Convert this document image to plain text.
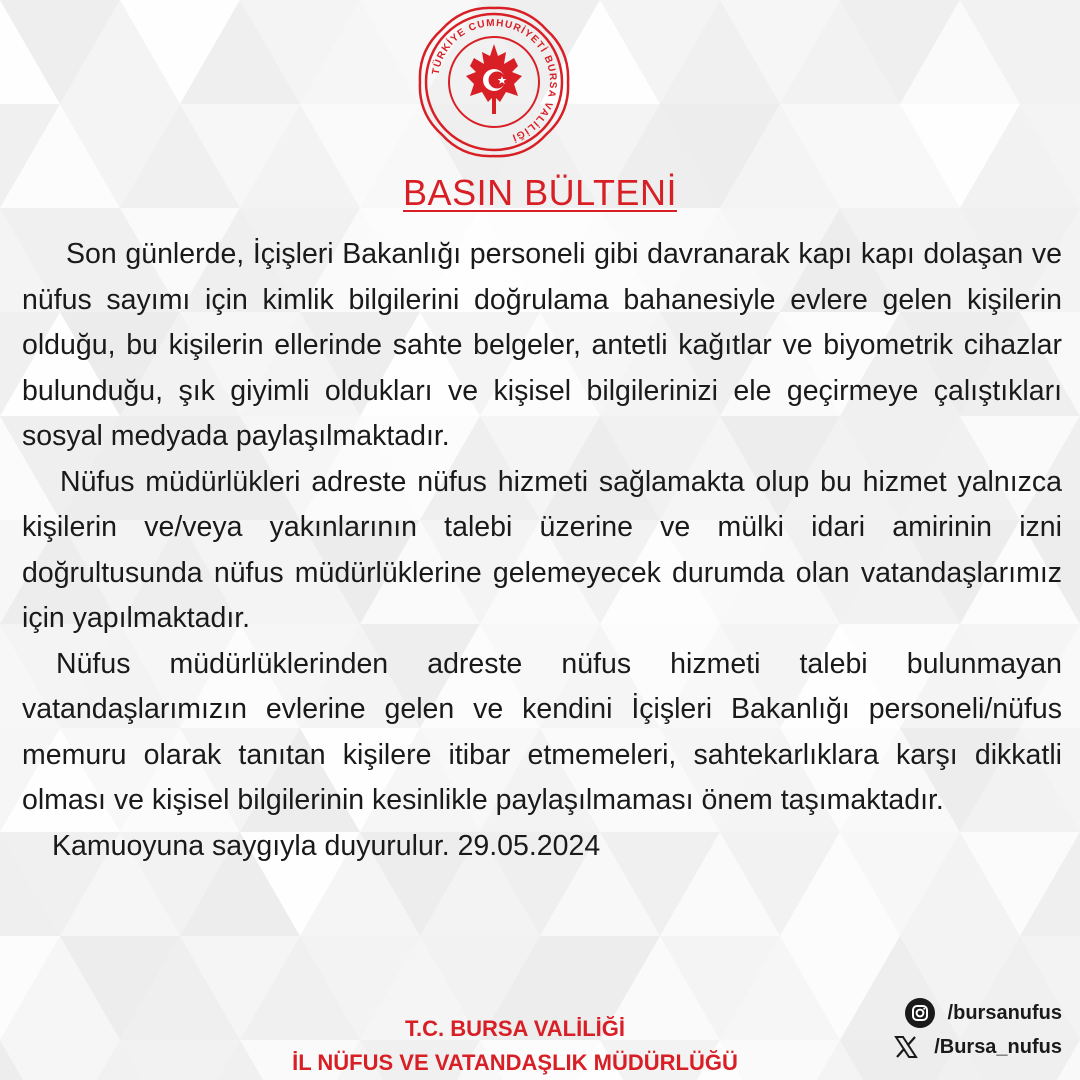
TÜRKİYE CUMHURİYETİ BURSA VALİLİĞİ
BASIN BÜLTENİ

Son günlerde, İçişleri Bakanlığı personeli gibi davranarak kapı kapı dolaşan ve nüfus sayımı için kimlik bilgilerini doğrulama bahanesiyle evlere gelen kişilerin olduğu, bu kişilerin ellerinde sahte belgeler, antetli kağıtlar ve biyometrik cihazlar bulunduğu, şık giyimli oldukları ve kişisel bilgilerinizi ele geçirmeye çalıştıkları sosyal medyada paylaşılmaktadır.

Nüfus müdürlükleri adreste nüfus hizmeti sağlamakta olup bu hizmet yalnızca kişilerin ve/veya yakınlarının talebi üzerine ve mülki idari amirinin izni doğrultusunda nüfus müdürlüklerine gelemeyecek durumda olan vatandaşlarımız için yapılmaktadır.

Nüfus müdürlüklerinden adreste nüfus hizmeti talebi bulunmayan vatandaşlarımızın evlerine gelen ve kendini İçişleri Bakanlığı personeli/nüfus memuru olarak tanıtan kişilere itibar etmemeleri, sahtekarlıklara karşı dikkatli olması ve kişisel bilgilerinin kesinlikle paylaşılmaması önem taşımaktadır.

Kamuoyuna saygıyla duyurulur. 29.05.2024

T.C. BURSA VALİLİĞİ
İL NÜFUS VE VATANDAŞLIK MÜDÜRLÜĞÜ
/bursanufus
/Bursa_nufus
